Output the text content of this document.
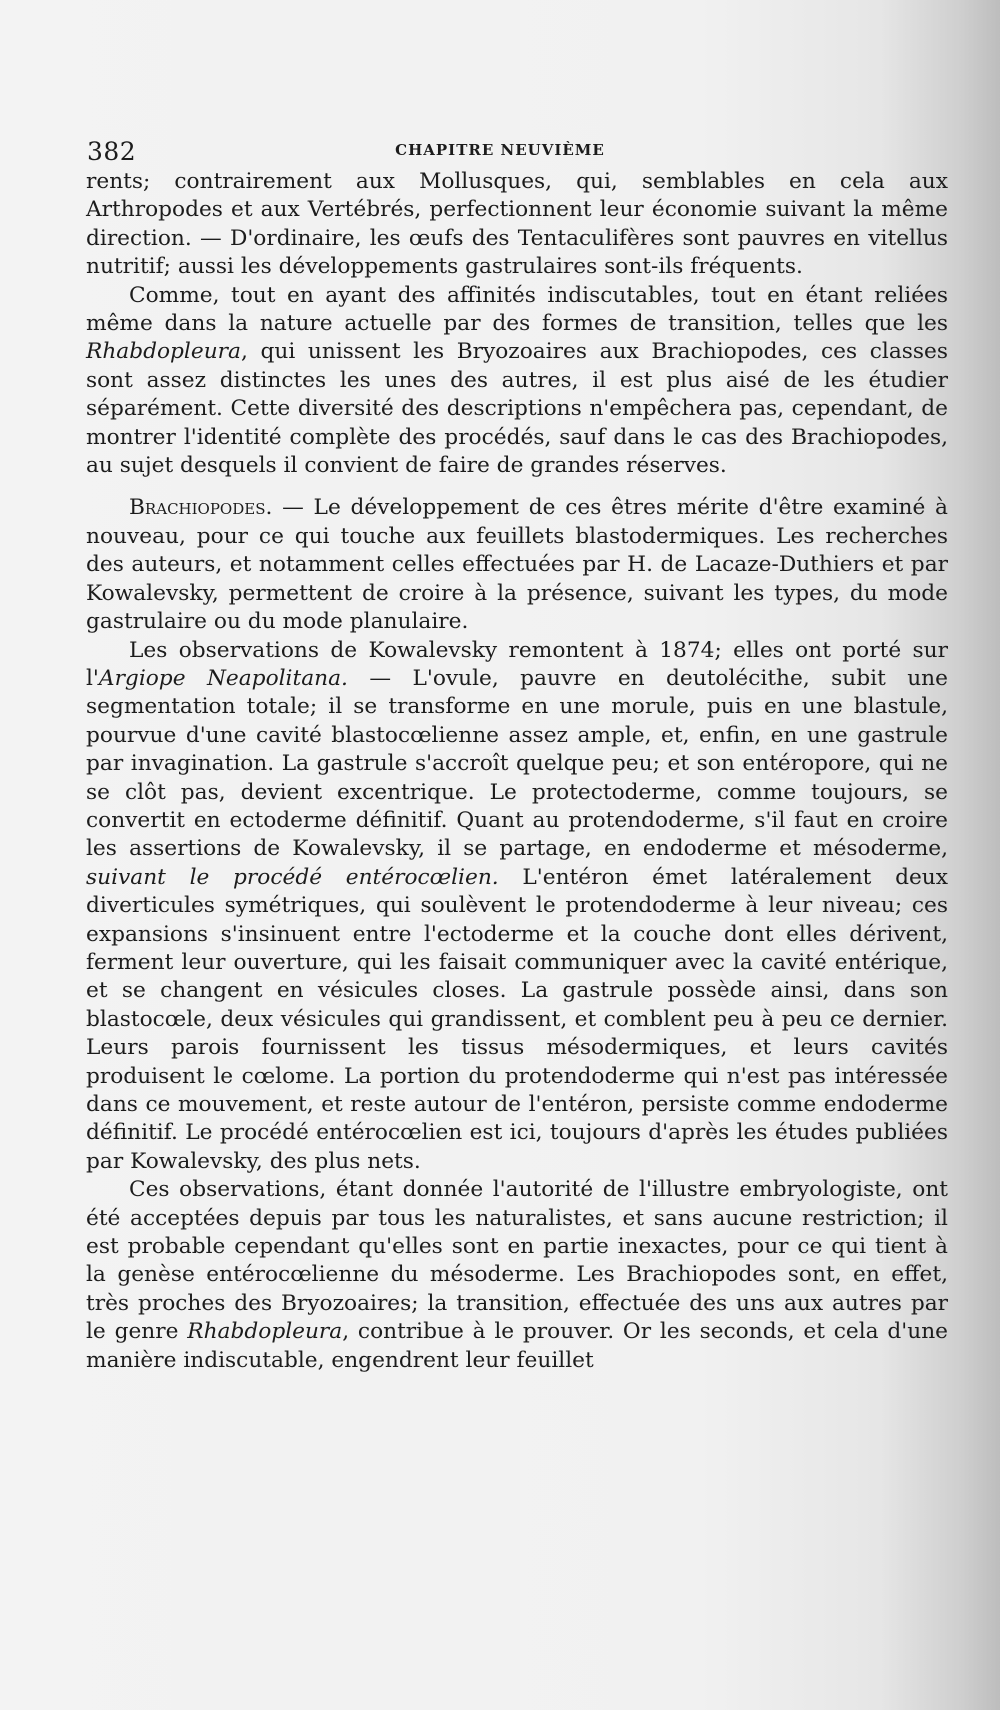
382	CHAPITRE NEUVIÈME

rents; contrairement aux Mollusques, qui, semblables en cela aux Arthropodes et aux Vertébrés, perfectionnent leur économie suivant la même direction. — D'ordinaire, les œufs des Tentaculifères sont pauvres en vitellus nutritif; aussi les développements gastrulaires sont-ils fréquents.

Comme, tout en ayant des affinités indiscutables, tout en étant reliées même dans la nature actuelle par des formes de transition, telles que les Rhabdopleura, qui unissent les Bryozoaires aux Brachiopodes, ces classes sont assez distinctes les unes des autres, il est plus aisé de les étudier séparément. Cette diversité des descriptions n'empêchera pas, cependant, de montrer l'identité complète des procédés, sauf dans le cas des Brachiopodes, au sujet desquels il convient de faire de grandes réserves.

Brachiopodes. — Le développement de ces êtres mérite d'être examiné à nouveau, pour ce qui touche aux feuillets blastodermiques. Les recherches des auteurs, et notamment celles effectuées par H. de Lacaze-Duthiers et par Kowalevsky, permettent de croire à la présence, suivant les types, du mode gastrulaire ou du mode planulaire.

Les observations de Kowalevsky remontent à 1874; elles ont porté sur l'Argiope Neapolitana. — L'ovule, pauvre en deutolécithe, subit une segmentation totale; il se transforme en une morule, puis en une blastule, pourvue d'une cavité blastocœlienne assez ample, et, enfin, en une gastrule par invagination. La gastrule s'accroît quelque peu; et son entéropore, qui ne se clôt pas, devient excentrique. Le protectoderme, comme toujours, se convertit en ectoderme définitif. Quant au protendoderme, s'il faut en croire les assertions de Kowalevsky, il se partage, en endoderme et mésoderme, suivant le procédé entérocœlien. L'entéron émet latéralement deux diverticules symétriques, qui soulèvent le protendoderme à leur niveau; ces expansions s'insinuent entre l'ectoderme et la couche dont elles dérivent, ferment leur ouverture, qui les faisait communiquer avec la cavité entérique, et se changent en vésicules closes. La gastrule possède ainsi, dans son blastocœle, deux vésicules qui grandissent, et comblent peu à peu ce dernier. Leurs parois fournissent les tissus mésodermiques, et leurs cavités produisent le cœlome. La portion du protendoderme qui n'est pas intéressée dans ce mouvement, et reste autour de l'entéron, persiste comme endoderme définitif. Le procédé entérocœlien est ici, toujours d'après les études publiées par Kowalevsky, des plus nets.

Ces observations, étant donnée l'autorité de l'illustre embryologiste, ont été acceptées depuis par tous les naturalistes, et sans aucune restriction; il est probable cependant qu'elles sont en partie inexactes, pour ce qui tient à la genèse entérocœlienne du mésoderme. Les Brachiopodes sont, en effet, très proches des Bryozoaires; la transition, effectuée des uns aux autres par le genre Rhabdopleura, contribue à le prouver. Or les seconds, et cela d'une manière indiscutable, engendrent leur feuillet
